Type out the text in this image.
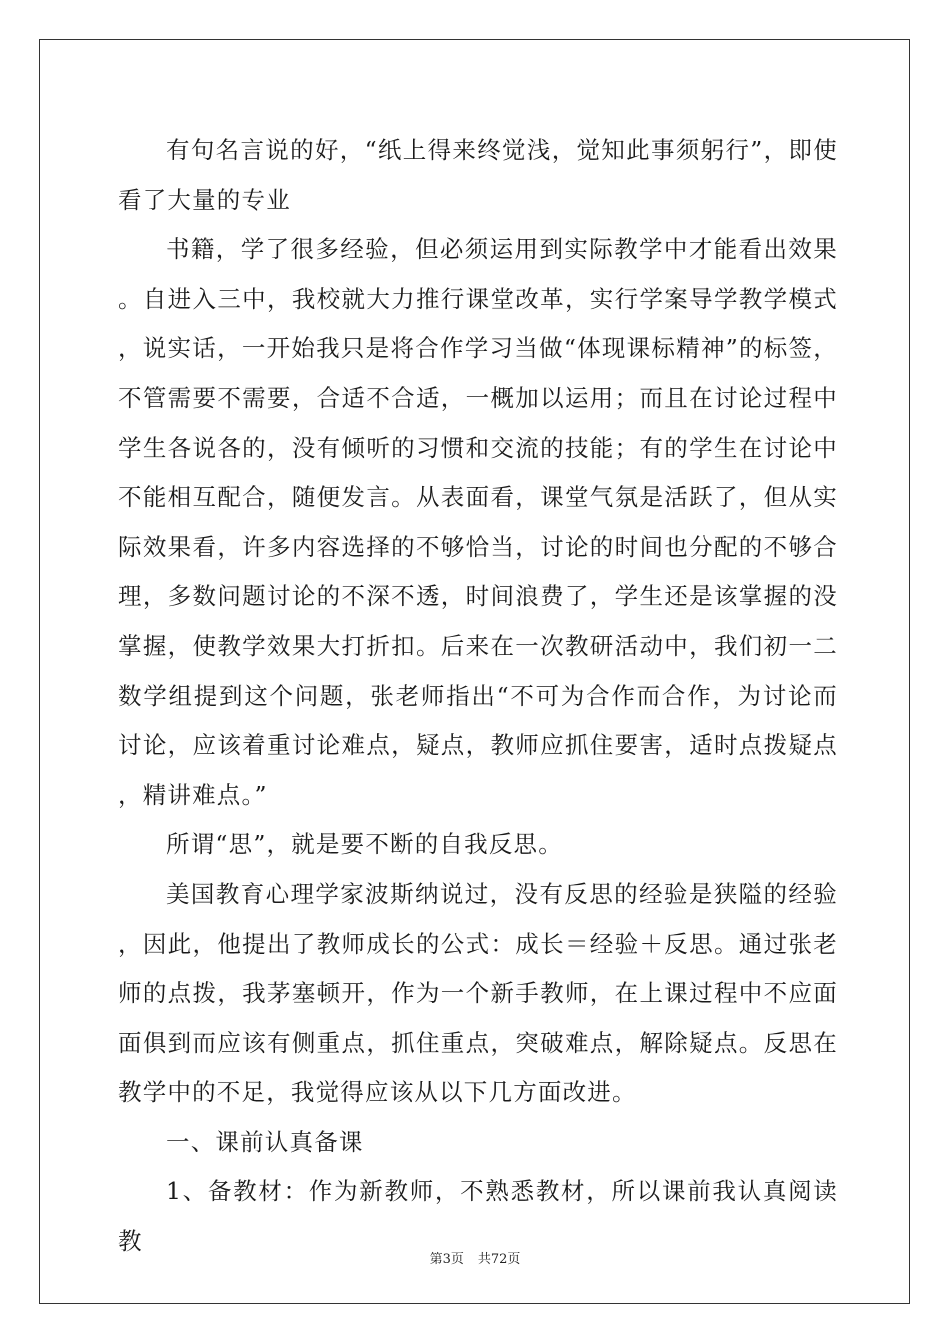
有句名言说的好，“纸上得来终觉浅，觉知此事须躬行”，即使看了大量的专业

书籍，学了很多经验，但必须运用到实际教学中才能看出效果。自进入三中，我校就大力推行课堂改革，实行学案导学教学模式，说实话，一开始我只是将合作学习当做“体现课标精神”的标签，不管需要不需要，合适不合适，一概加以运用；而且在讨论过程中学生各说各的，没有倾听的习惯和交流的技能；有的学生在讨论中不能相互配合，随便发言。从表面看，课堂气氛是活跃了，但从实际效果看，许多内容选择的不够恰当，讨论的时间也分配的不够合理，多数问题讨论的不深不透，时间浪费了，学生还是该掌握的没掌握，使教学效果大打折扣。后来在一次教研活动中，我们初一二数学组提到这个问题，张老师指出“不可为合作而合作，为讨论而讨论，应该着重讨论难点，疑点，教师应抓住要害，适时点拨疑点，精讲难点。”

所谓“思”，就是要不断的自我反思。

美国教育心理学家波斯纳说过，没有反思的经验是狭隘的经验，因此，他提出了教师成长的公式：成长＝经验＋反思。通过张老师的点拨，我茅塞顿开，作为一个新手教师，在上课过程中不应面面俱到而应该有侧重点，抓住重点，突破难点，解除疑点。反思在教学中的不足，我觉得应该从以下几方面改进。

一、课前认真备课

1、备教材：作为新教师，不熟悉教材，所以课前我认真阅读教

第3页 共72页
